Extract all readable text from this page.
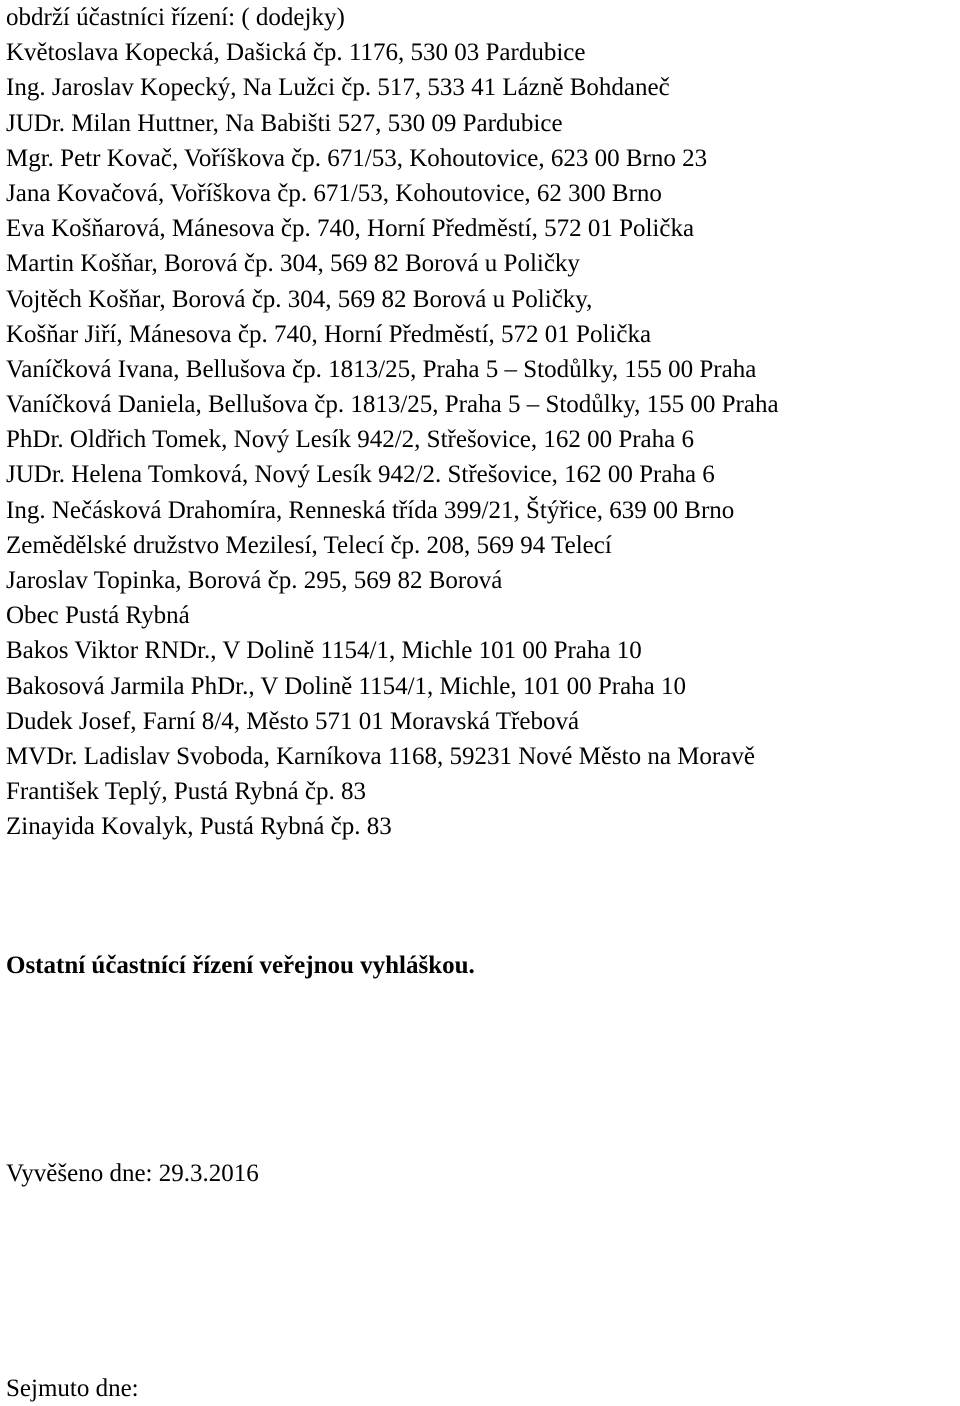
obdrží účastníci řízení: ( dodejky)
Květoslava Kopecká, Dašická čp. 1176, 530 03 Pardubice
Ing. Jaroslav Kopecký, Na Lužci čp. 517, 533 41 Lázně Bohdaneč
JUDr. Milan Huttner, Na Babišti 527, 530 09 Pardubice
Mgr. Petr Kovač, Voříškova čp. 671/53, Kohoutovice, 623 00 Brno 23
Jana Kovačová, Voříškova čp. 671/53, Kohoutovice, 62 300 Brno
Eva Košňarová, Mánesova čp. 740, Horní Předměstí, 572 01 Polička
Martin Košňar, Borová čp. 304, 569 82 Borová u Poličky
Vojtěch Košňar, Borová čp. 304, 569 82 Borová u Poličky,
Košňar Jiří, Mánesova čp. 740, Horní Předměstí, 572 01 Polička
Vaníčková Ivana, Bellušova čp. 1813/25, Praha 5 – Stodůlky, 155 00 Praha
Vaníčková Daniela, Bellušova čp. 1813/25, Praha 5 – Stodůlky, 155 00 Praha
PhDr. Oldřich Tomek, Nový Lesík 942/2, Střešovice, 162 00 Praha 6
JUDr. Helena Tomková, Nový Lesík 942/2. Střešovice, 162 00 Praha 6
Ing. Nečásková Drahomíra, Renneská třída 399/21, Štýřice, 639 00 Brno
Zemědělské družstvo Mezilesí, Telecí čp. 208, 569 94 Telecí
Jaroslav Topinka, Borová čp. 295, 569 82 Borová
Obec Pustá Rybná
Bakos Viktor RNDr., V Dolině 1154/1, Michle 101 00 Praha 10
Bakosová Jarmila PhDr., V Dolině 1154/1, Michle, 101 00 Praha 10
Dudek Josef, Farní 8/4, Město 571 01 Moravská Třebová
MVDr. Ladislav Svoboda, Karníkova 1168, 59231 Nové Město na Moravě
František Teplý, Pustá Rybná čp. 83
Zinayida Kovalyk, Pustá Rybná čp. 83
Ostatní účastnící řízení veřejnou vyhláškou.
Vyvěšeno dne: 29.3.2016
Sejmuto dne:
